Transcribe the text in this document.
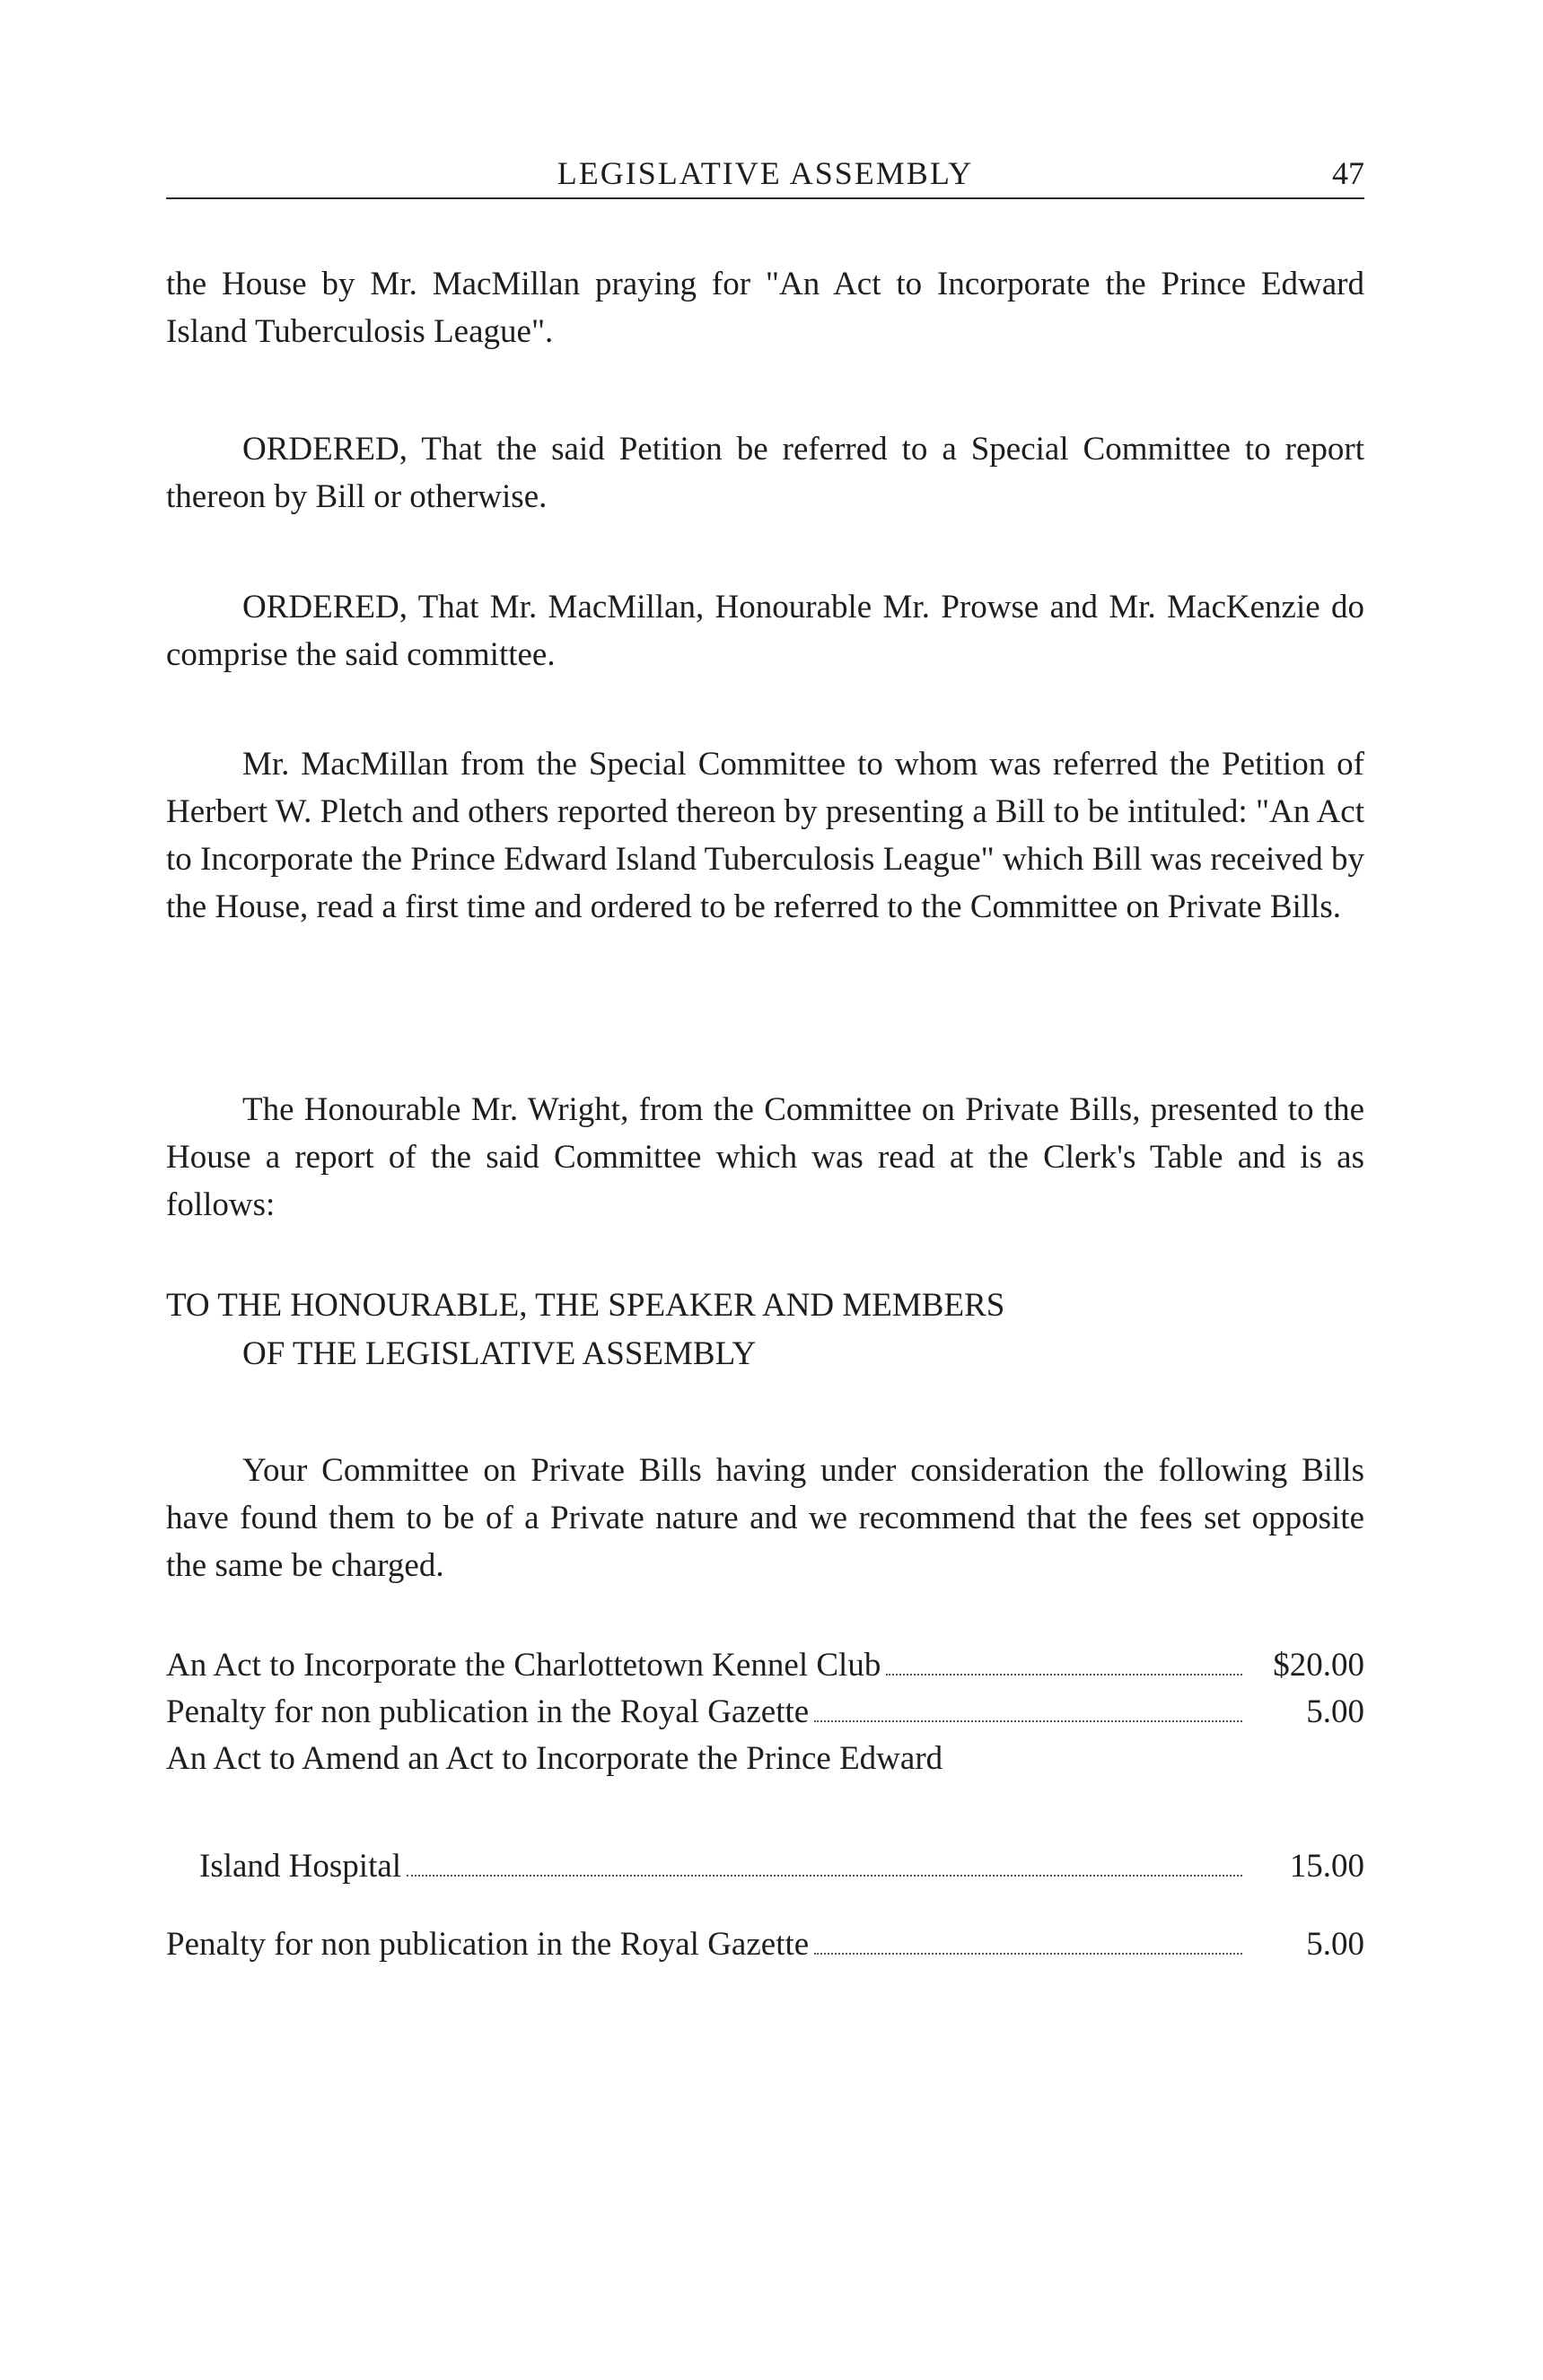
LEGISLATIVE ASSEMBLY	47
the House by Mr. MacMillan praying for "An Act to Incorporate the Prince Edward Island Tuberculosis League".
ORDERED, That the said Petition be referred to a Special Committee to report thereon by Bill or otherwise.
ORDERED, That Mr. MacMillan, Honourable Mr. Prowse and Mr. MacKenzie do comprise the said committee.
Mr. MacMillan from the Special Committee to whom was referred the Petition of Herbert W. Pletch and others reported thereon by presenting a Bill to be intituled: "An Act to Incorporate the Prince Edward Island Tuberculosis League" which Bill was received by the House, read a first time and ordered to be referred to the Committee on Private Bills.
The Honourable Mr. Wright, from the Committee on Private Bills, presented to the House a report of the said Committee which was read at the Clerk's Table and is as follows:
TO THE HONOURABLE, THE SPEAKER AND MEMBERS
OF THE LEGISLATIVE ASSEMBLY
Your Committee on Private Bills having under consideration the following Bills have found them to be of a Private nature and we recommend that the fees set opposite the same be charged.
An Act to Incorporate the Charlottetown Kennel Club	$20.00
Penalty for non publication in the Royal Gazette	5.00
An Act to Amend an Act to Incorporate the Prince Edward
Island Hospital	15.00
Penalty for non publication in the Royal Gazette	5.00
